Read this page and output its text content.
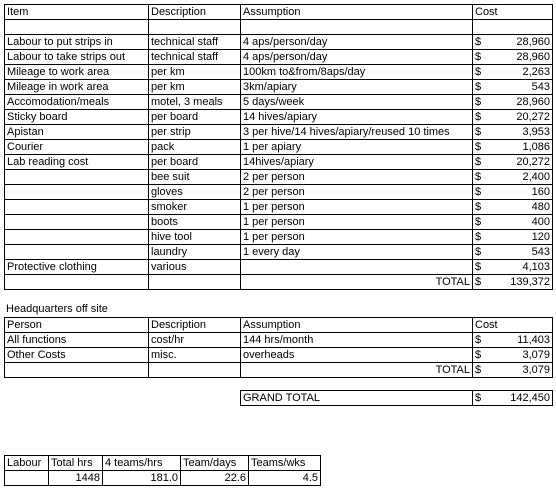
Item	Description	Assumption	Cost

Labour to put strips in	technical staff	4 aps/person/day	$ 28,960

Labour to take strips out	technical staff	4 aps/person/day	$ 28,960

Mileage to work area	per km	100km to&from/8aps/day	$ 2,263

Mileage in work area	per km	3km/apiary	$ 543

Accomodation/meals	motel, 3 meals	5 days/week	$ 28,960

Sticky board	per board	14 hives/apiary	$ 20,272

Apistan	per strip	3 per hive/14 hives/apiary/reused 10 times	$ 3,953

Courier	pack	1 per apiary	$ 1,086

Lab reading cost	per board	14hives/apiary	$ 20,272

	bee suit	2 per person	$ 2,400

	gloves	2 per person	$ 160

	smoker	1 per person	$ 480

	boots	1 per person	$ 400

	hive tool	1 per person	$ 120

	laundry	1 every day	$ 543

Protective clothing	various		$ 4,103

		TOTAL	$ 139,372
Headquarters off site
Person	Description	Assumption	Cost
All functions	cost/hr	144 hrs/month	$ 11,403

Other Costs	misc.	overheads	$ 3,079

		TOTAL	$ 3,079
GRAND TOTAL	$	142,450
Labour	Total hrs	4 teams/hrs	Team/days	Teams/wks
	1448	181.0	22.6	4.5
